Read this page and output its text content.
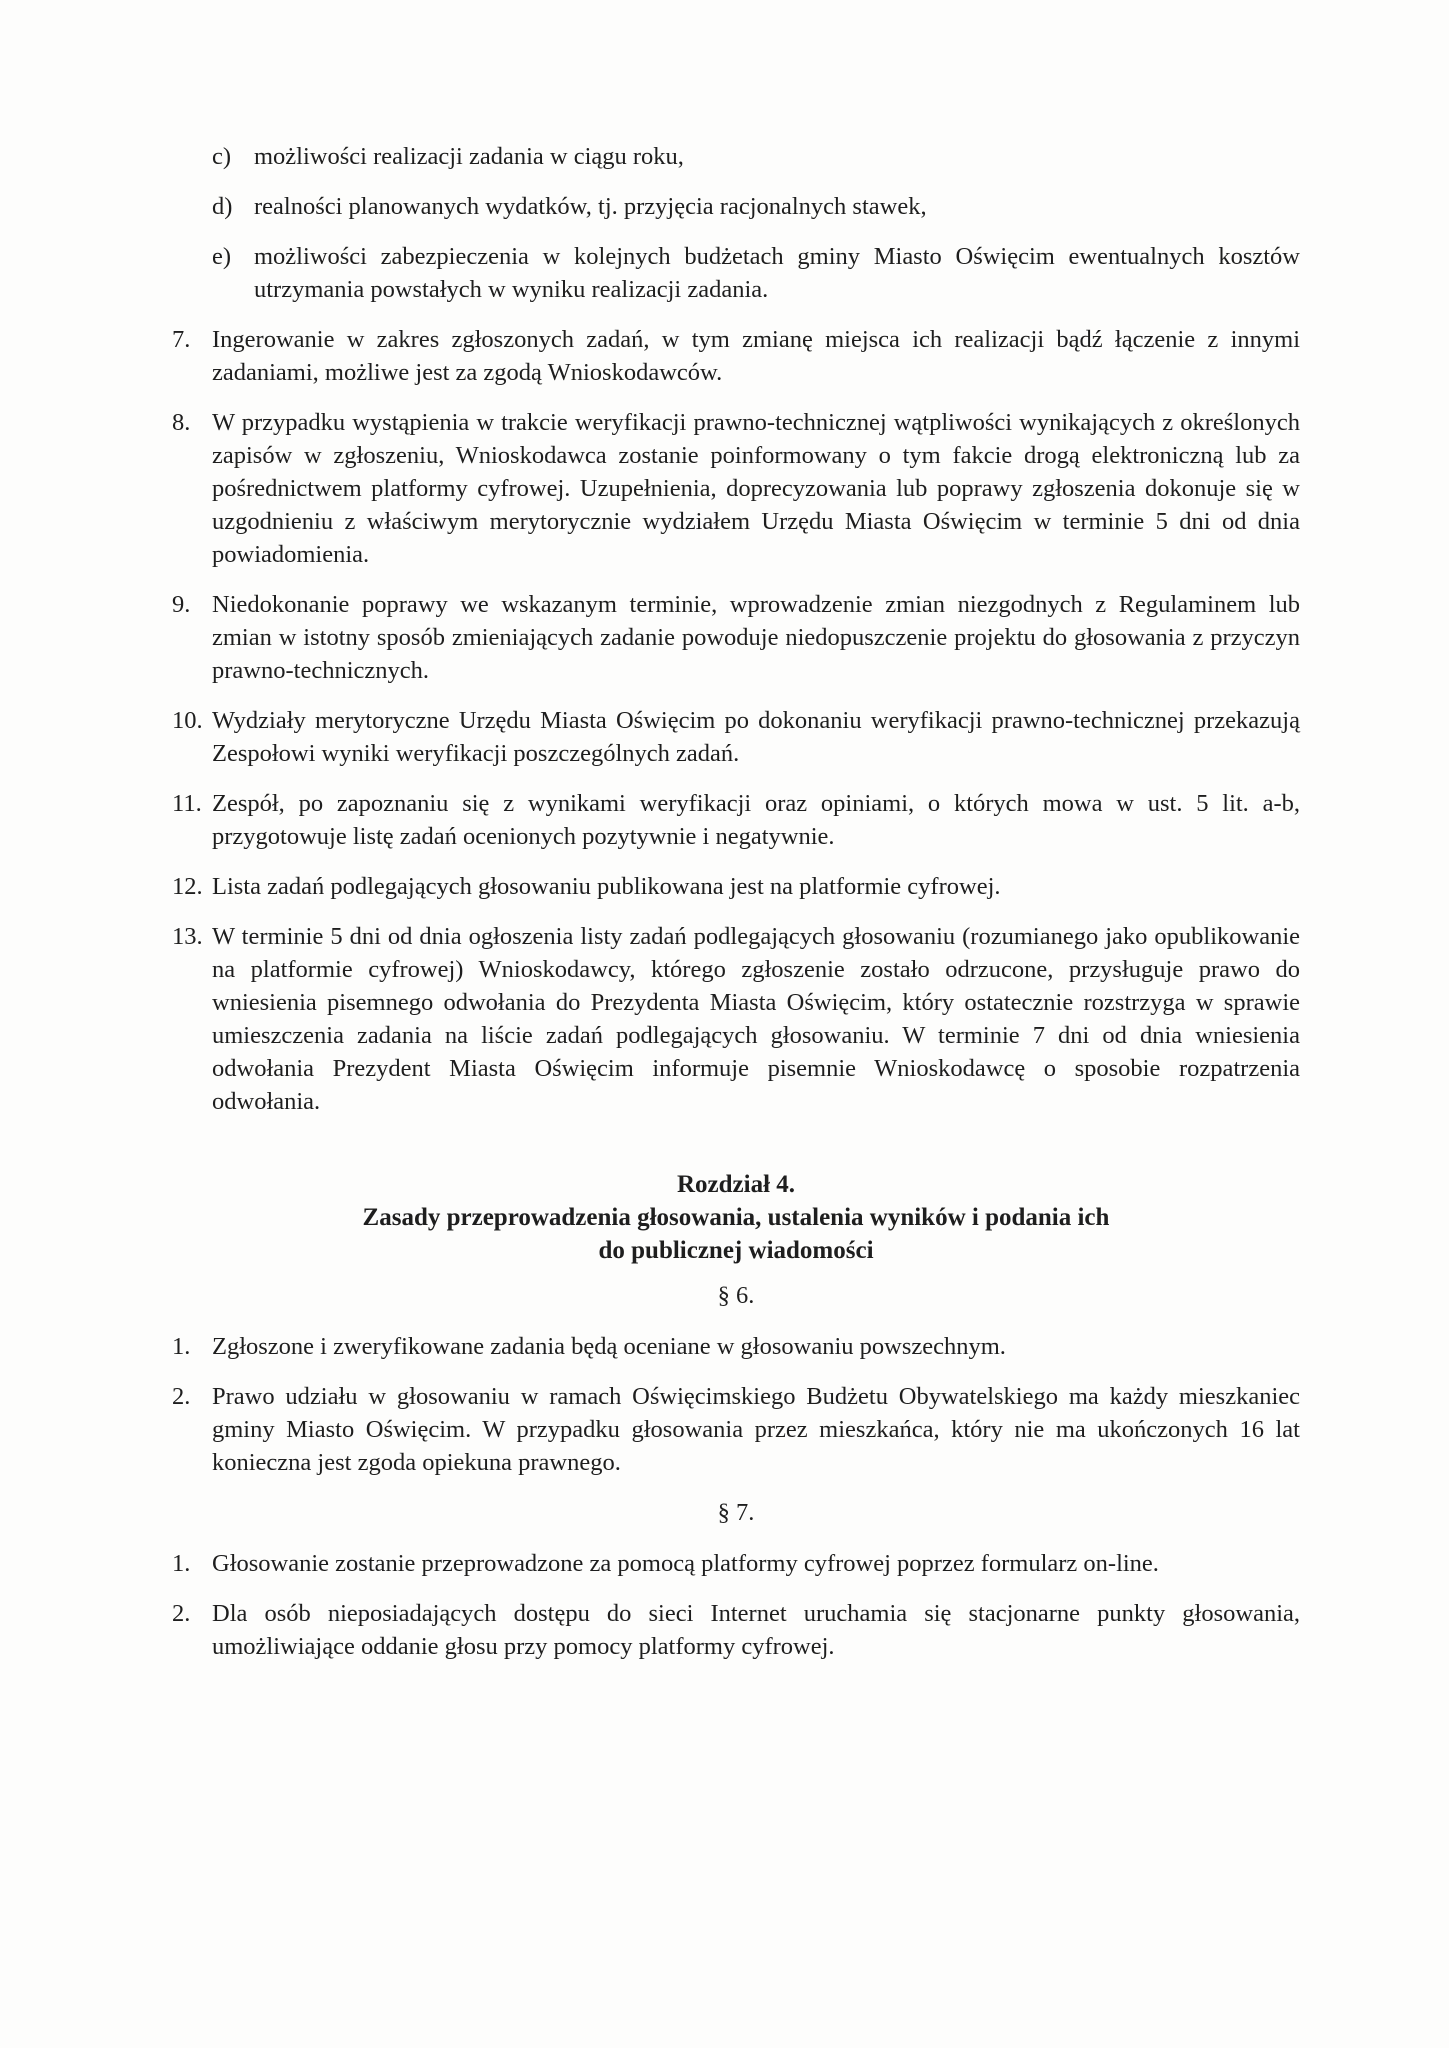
c) możliwości realizacji zadania w ciągu roku,
d) realności planowanych wydatków, tj. przyjęcia racjonalnych stawek,
e) możliwości zabezpieczenia w kolejnych budżetach gminy Miasto Oświęcim ewentualnych kosztów utrzymania powstałych w wyniku realizacji zadania.
7. Ingerowanie w zakres zgłoszonych zadań, w tym zmianę miejsca ich realizacji bądź łączenie z innymi zadaniami, możliwe jest za zgodą Wnioskodawców.
8. W przypadku wystąpienia w trakcie weryfikacji prawno-technicznej wątpliwości wynikających z określonych zapisów w zgłoszeniu, Wnioskodawca zostanie poinformowany o tym fakcie drogą elektroniczną lub za pośrednictwem platformy cyfrowej. Uzupełnienia, doprecyzowania lub poprawy zgłoszenia dokonuje się w uzgodnieniu z właściwym merytorycznie wydziałem Urzędu Miasta Oświęcim w terminie 5 dni od dnia powiadomienia.
9. Niedokonanie poprawy we wskazanym terminie, wprowadzenie zmian niezgodnych z Regulaminem lub zmian w istotny sposób zmieniających zadanie powoduje niedopuszczenie projektu do głosowania z przyczyn prawno-technicznych.
10. Wydziały merytoryczne Urzędu Miasta Oświęcim po dokonaniu weryfikacji prawno-technicznej przekazują Zespołowi wyniki weryfikacji poszczególnych zadań.
11. Zespół, po zapoznaniu się z wynikami weryfikacji oraz opiniami, o których mowa w ust. 5 lit. a-b, przygotowuje listę zadań ocenionych pozytywnie i negatywnie.
12. Lista zadań podlegających głosowaniu publikowana jest na platformie cyfrowej.
13. W terminie 5 dni od dnia ogłoszenia listy zadań podlegających głosowaniu (rozumianego jako opublikowanie na platformie cyfrowej) Wnioskodawcy, którego zgłoszenie zostało odrzucone, przysługuje prawo do wniesienia pisemnego odwołania do Prezydenta Miasta Oświęcim, który ostatecznie rozstrzyga w sprawie umieszczenia zadania na liście zadań podlegających głosowaniu. W terminie 7 dni od dnia wniesienia odwołania Prezydent Miasta Oświęcim informuje pisemnie Wnioskodawcę o sposobie rozpatrzenia odwołania.
Rozdział 4.
Zasady przeprowadzenia głosowania, ustalenia wyników i podania ich
do publicznej wiadomości
§ 6.
1. Zgłoszone i zweryfikowane zadania będą oceniane w głosowaniu powszechnym.
2. Prawo udziału w głosowaniu w ramach Oświęcimskiego Budżetu Obywatelskiego ma każdy mieszkaniec gminy Miasto Oświęcim. W przypadku głosowania przez mieszkańca, który nie ma ukończonych 16 lat konieczna jest zgoda opiekuna prawnego.
§ 7.
1. Głosowanie zostanie przeprowadzone za pomocą platformy cyfrowej poprzez formularz on-line.
2. Dla osób nieposiadających dostępu do sieci Internet uruchamia się stacjonarne punkty głosowania, umożliwiające oddanie głosu przy pomocy platformy cyfrowej.
